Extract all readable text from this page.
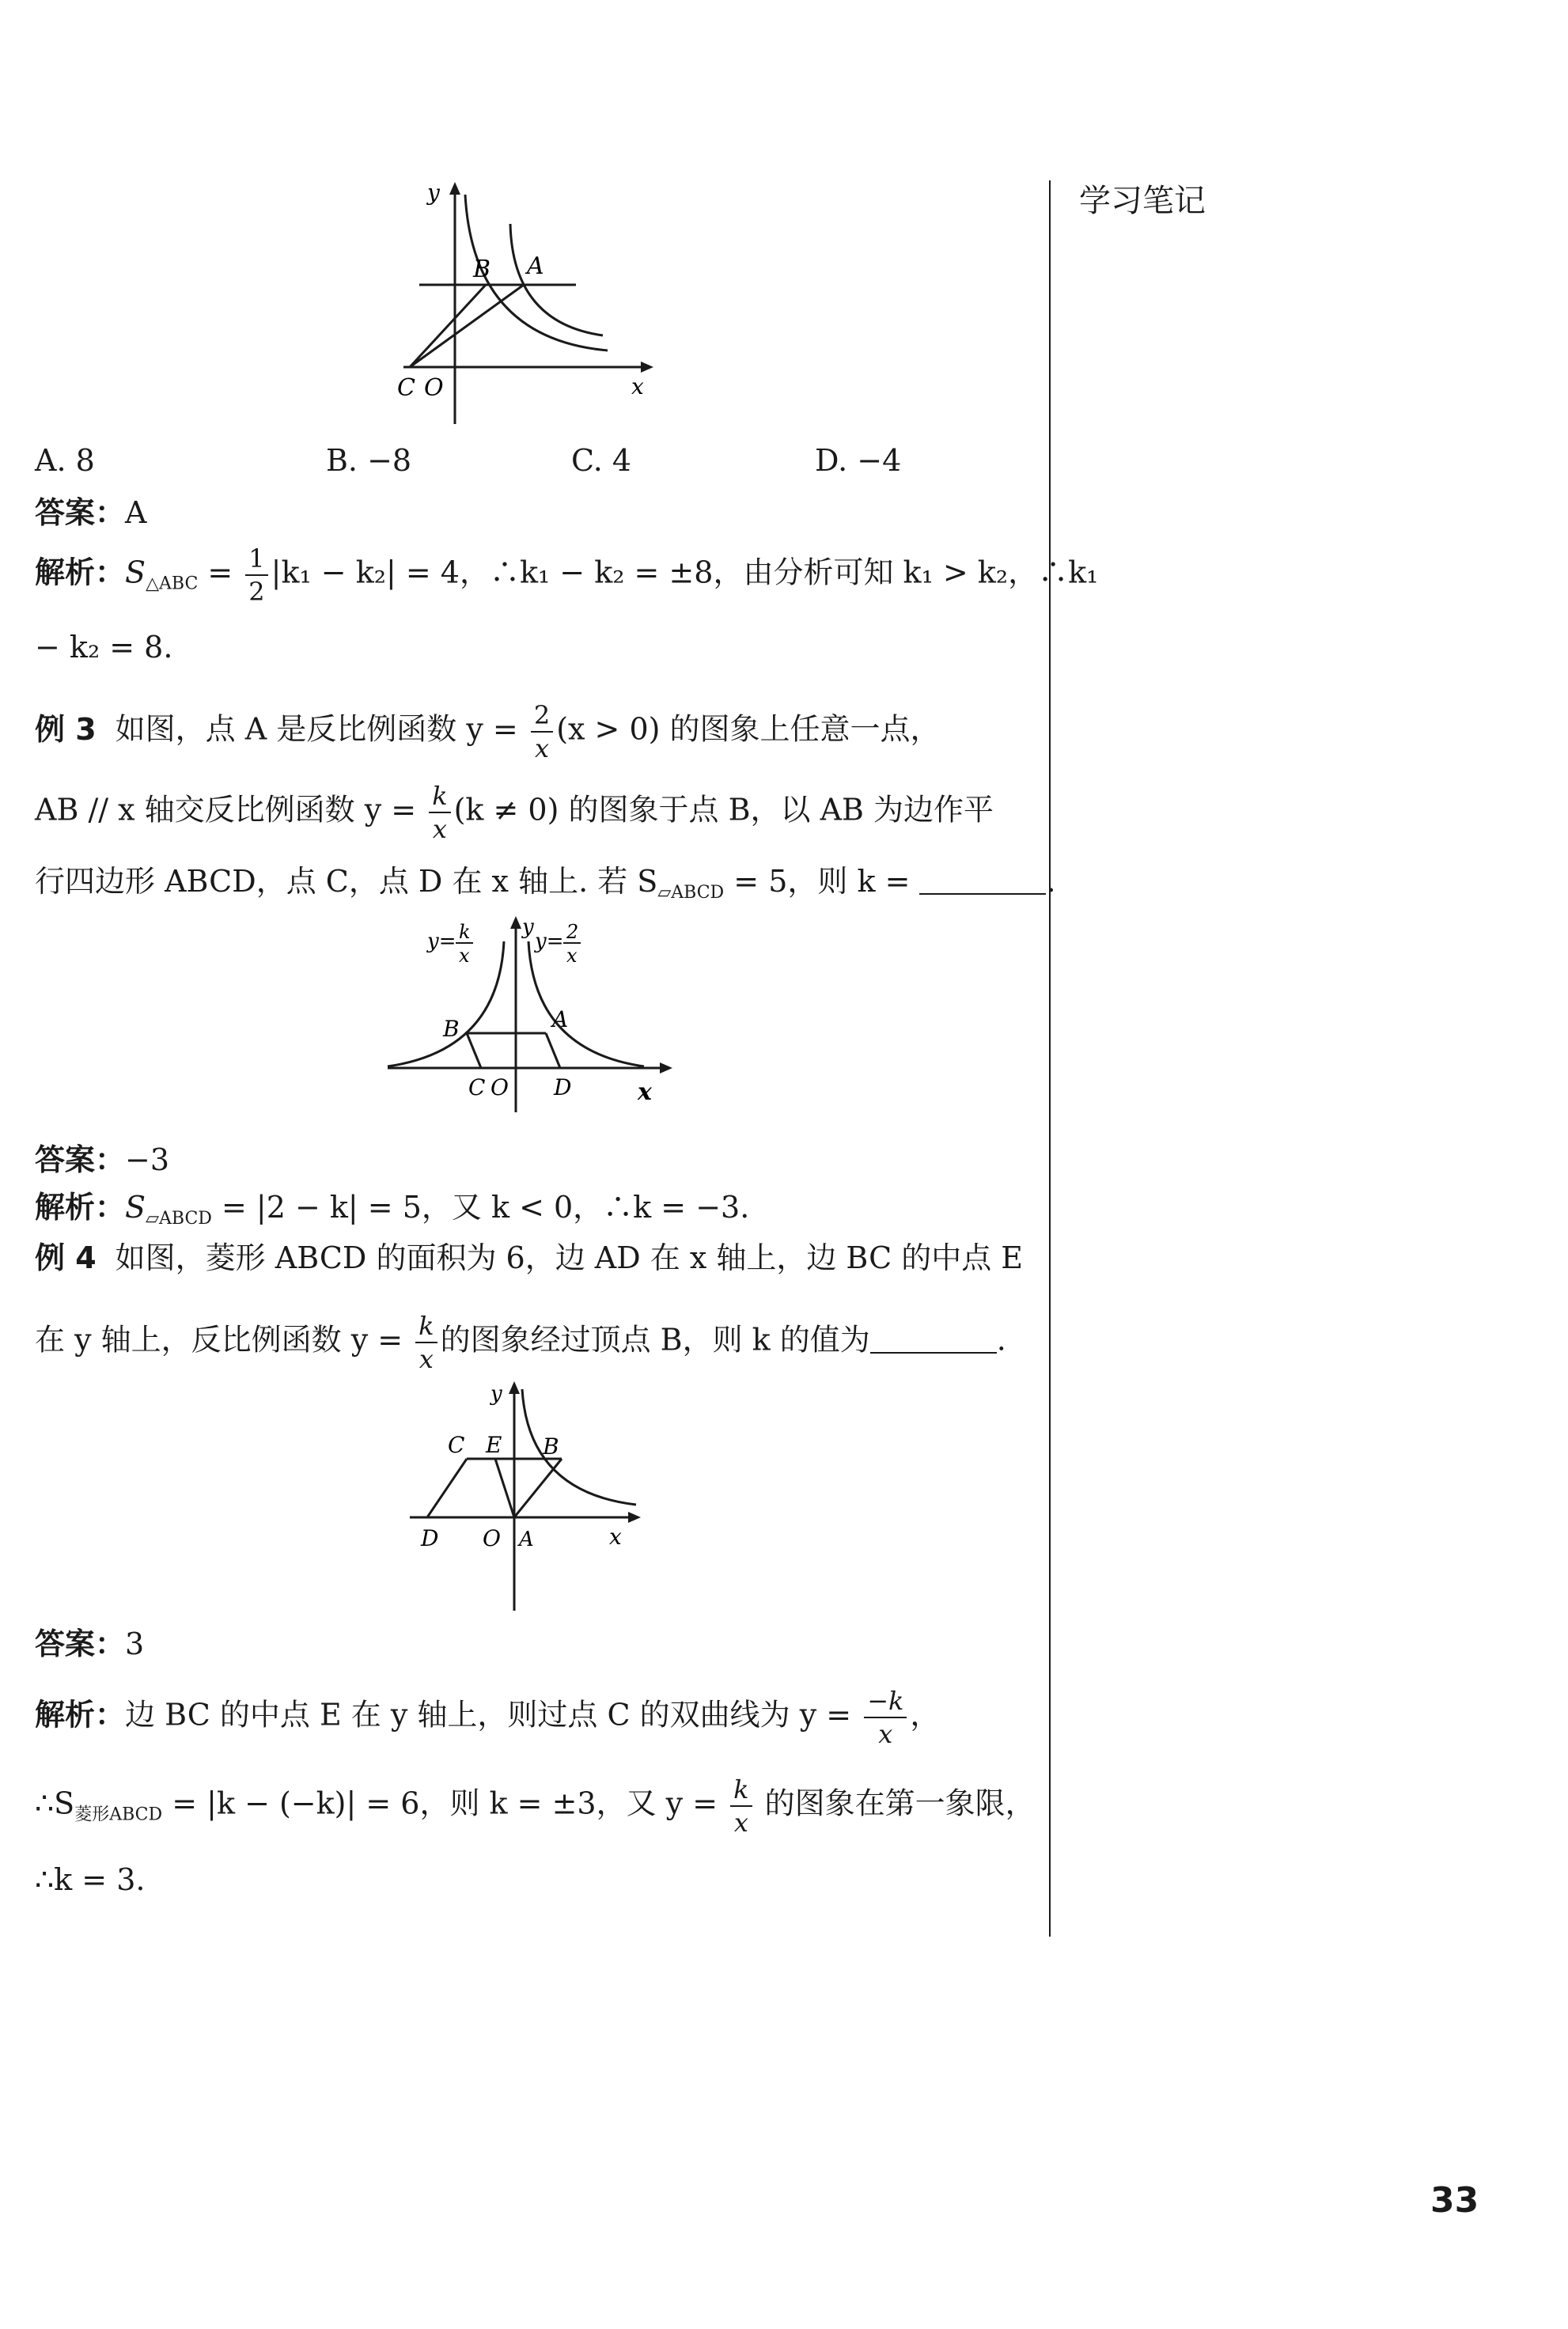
学习笔记
33
y
x
C O
B A
A. 8	B. −8	C. 4	D. −4
答案：A
解析：$S_{\triangle ABC} = \frac{1}{2} |k_1 - k_2| = 4$，∴k₁ − k₂ = ±8，由分析可知 k₁ > k₂，∴k₁
− k₂ = 8.
例 3 如图，点 A 是反比例函数 $y = \frac{2}{x} (x > 0)$ 的图象上任意一点，
AB // x 轴交反比例函数 $y = \frac{k}{x} (k \ne 0)$ 的图象于点 B，以 AB 为边作平
行四边形 ABCD，点 C，点 D 在 x 轴上. 若 $S_{▱ABCD} = 5$，则 k =	.
y= k
x
y= 2
x
y
x
B	A
C O D
答案：−3
解析：$S_{▱ABCD} = |2 - k| = 5$，又 k < 0，∴k = −3.
例 4 如图，菱形 ABCD 的面积为 6，边 AD 在 x 轴上，边 BC 的中点 E
在 y 轴上，反比例函数 $y = \frac{k}{x}$ 的图象经过顶点 B，则 k 的值为	.
y
x
C E B
D O A
答案：3
解析：边 BC 的中点 E 在 y 轴上，则过点 C 的双曲线为 $y = \frac{-k}{x}$ ，
$\therefore S_{菱形ABCD} = |k - (-k)| = 6$，则 k = ±3，又 $y = \frac{k}{x}$ 的图象在第一象限，
∴k = 3.
